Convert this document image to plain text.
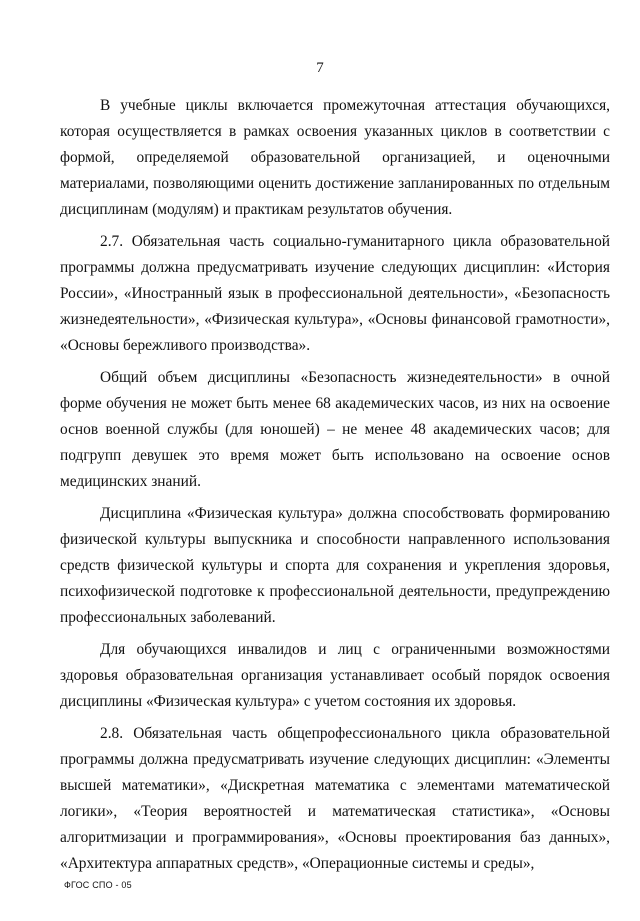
7

В учебные циклы включается промежуточная аттестация обучающихся, которая осуществляется в рамках освоения указанных циклов в соответствии с формой, определяемой образовательной организацией, и оценочными материалами, позволяющими оценить достижение запланированных по отдельным дисциплинам (модулям) и практикам результатов обучения.

2.7. Обязательная часть социально-гуманитарного цикла образовательной программы должна предусматривать изучение следующих дисциплин: «История России», «Иностранный язык в профессиональной деятельности», «Безопасность жизнедеятельности», «Физическая культура», «Основы финансовой грамотности», «Основы бережливого производства».

Общий объем дисциплины «Безопасность жизнедеятельности» в очной форме обучения не может быть менее 68 академических часов, из них на освоение основ военной службы (для юношей) – не менее 48 академических часов; для подгрупп девушек это время может быть использовано на освоение основ медицинских знаний.

Дисциплина «Физическая культура» должна способствовать формированию физической культуры выпускника и способности направленного использования средств физической культуры и спорта для сохранения и укрепления здоровья, психофизической подготовке к профессиональной деятельности, предупреждению профессиональных заболеваний.

Для обучающихся инвалидов и лиц с ограниченными возможностями здоровья образовательная организация устанавливает особый порядок освоения дисциплины «Физическая культура» с учетом состояния их здоровья.

2.8. Обязательная часть общепрофессионального цикла образовательной программы должна предусматривать изучение следующих дисциплин: «Элементы высшей математики», «Дискретная математика с элементами математической логики», «Теория вероятностей и математическая статистика», «Основы алгоритмизации и программирования», «Основы проектирования баз данных», «Архитектура аппаратных средств», «Операционные системы и среды»,

ФГОС СПО - 05
